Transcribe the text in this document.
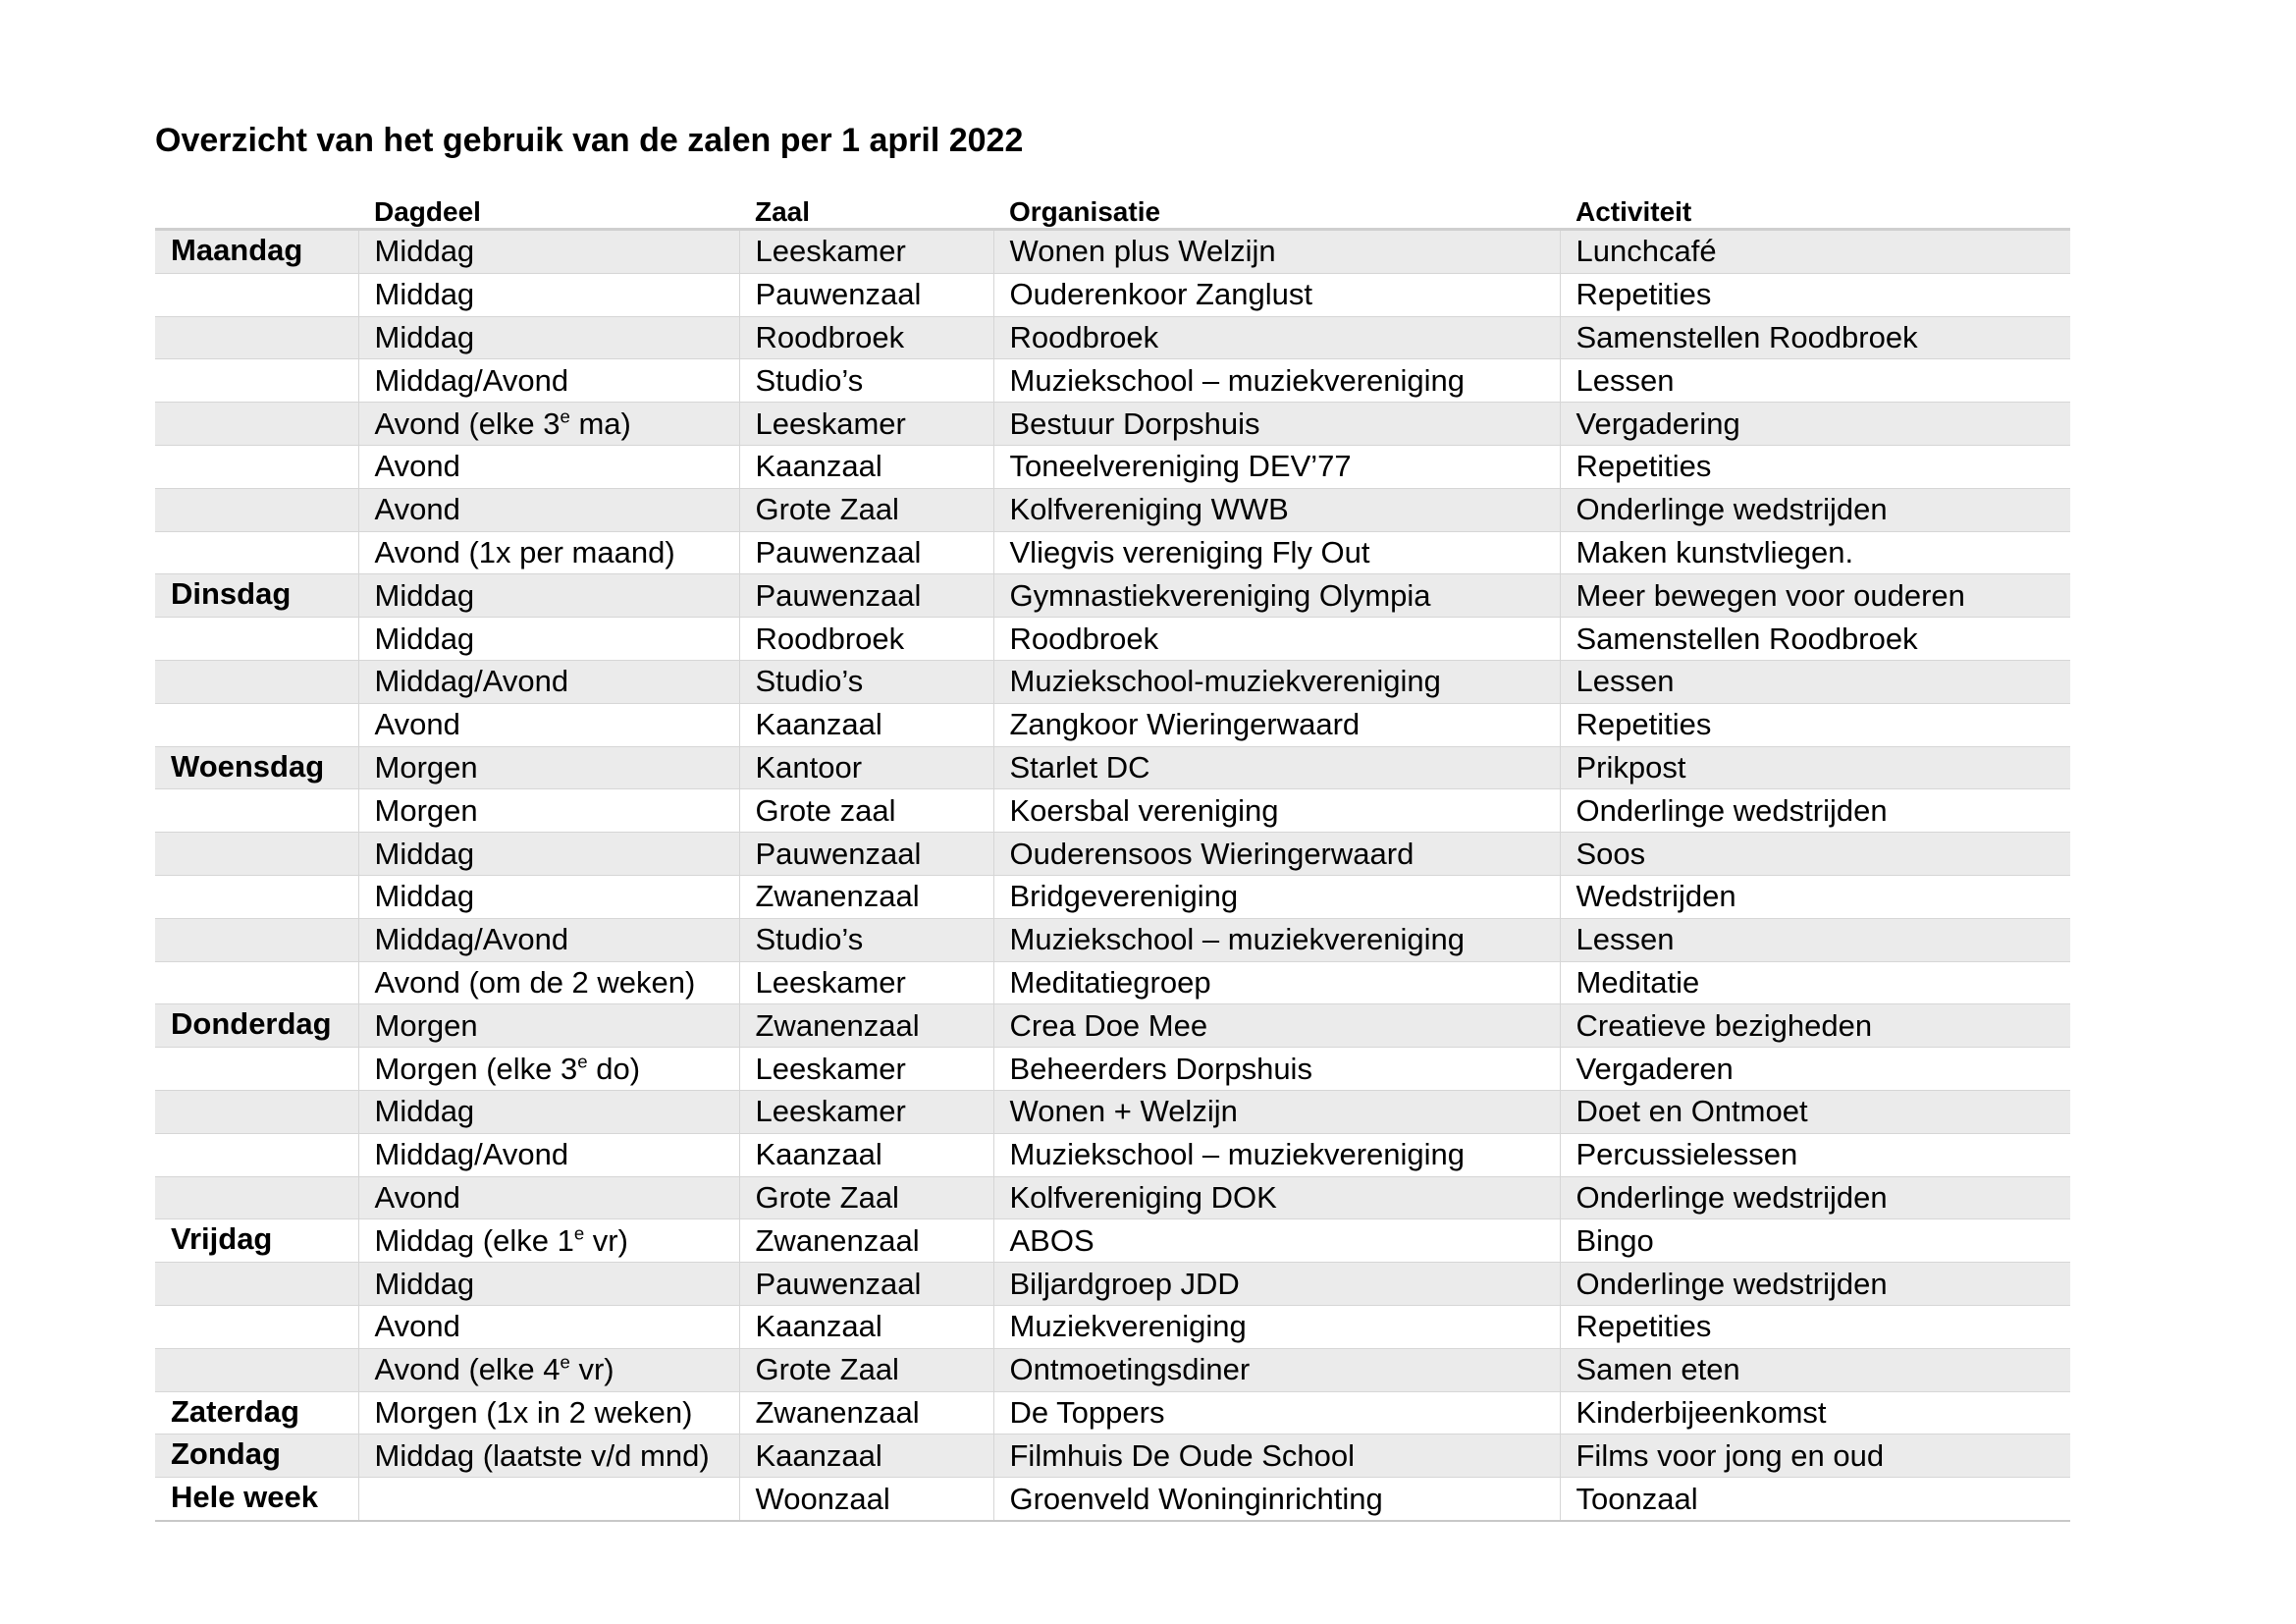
Overzicht van het gebruik van de zalen per 1 april 2022
	Dagdeel	Zaal	Organisatie	Activiteit
Maandag	Middag	Leeskamer	Wonen plus Welzijn	Lunchcafé
	Middag	Pauwenzaal	Ouderenkoor Zanglust	Repetities
	Middag	Roodbroek	Roodbroek	Samenstellen Roodbroek
	Middag/Avond	Studio’s	Muziekschool – muziekvereniging	Lessen
	Avond (elke 3e ma)	Leeskamer	Bestuur Dorpshuis	Vergadering
	Avond	Kaanzaal	Toneelvereniging DEV’77	Repetities
	Avond	Grote Zaal	Kolfvereniging WWB	Onderlinge wedstrijden
	Avond (1x per maand)	Pauwenzaal	Vliegvis vereniging Fly Out	Maken kunstvliegen.
Dinsdag	Middag	Pauwenzaal	Gymnastiekvereniging Olympia	Meer bewegen voor ouderen
	Middag	Roodbroek	Roodbroek	Samenstellen Roodbroek
	Middag/Avond	Studio’s	Muziekschool-muziekvereniging	Lessen
	Avond	Kaanzaal	Zangkoor Wieringerwaard	Repetities
Woensdag	Morgen	Kantoor	Starlet DC	Prikpost
	Morgen	Grote zaal	Koersbal vereniging	Onderlinge wedstrijden
	Middag	Pauwenzaal	Ouderensoos Wieringerwaard	Soos
	Middag	Zwanenzaal	Bridgevereniging	Wedstrijden
	Middag/Avond	Studio’s	Muziekschool – muziekvereniging	Lessen
	Avond (om de 2 weken)	Leeskamer	Meditatiegroep	Meditatie
Donderdag	Morgen	Zwanenzaal	Crea Doe Mee	Creatieve bezigheden
	Morgen (elke 3e do)	Leeskamer	Beheerders Dorpshuis	Vergaderen
	Middag	Leeskamer	Wonen + Welzijn	Doet en Ontmoet
	Middag/Avond	Kaanzaal	Muziekschool – muziekvereniging	Percussielessen
	Avond	Grote Zaal	Kolfvereniging DOK	Onderlinge wedstrijden
Vrijdag	Middag (elke 1e vr)	Zwanenzaal	ABOS	Bingo
	Middag	Pauwenzaal	Biljardgroep JDD	Onderlinge wedstrijden
	Avond	Kaanzaal	Muziekvereniging	Repetities
	Avond (elke 4e vr)	Grote Zaal	Ontmoetingsdiner	Samen eten
Zaterdag	Morgen (1x in 2 weken)	Zwanenzaal	De Toppers	Kinderbijeenkomst
Zondag	Middag (laatste v/d mnd)	Kaanzaal	Filmhuis De Oude School	Films voor jong en oud
Hele week		Woonzaal	Groenveld Woninginrichting	Toonzaal
